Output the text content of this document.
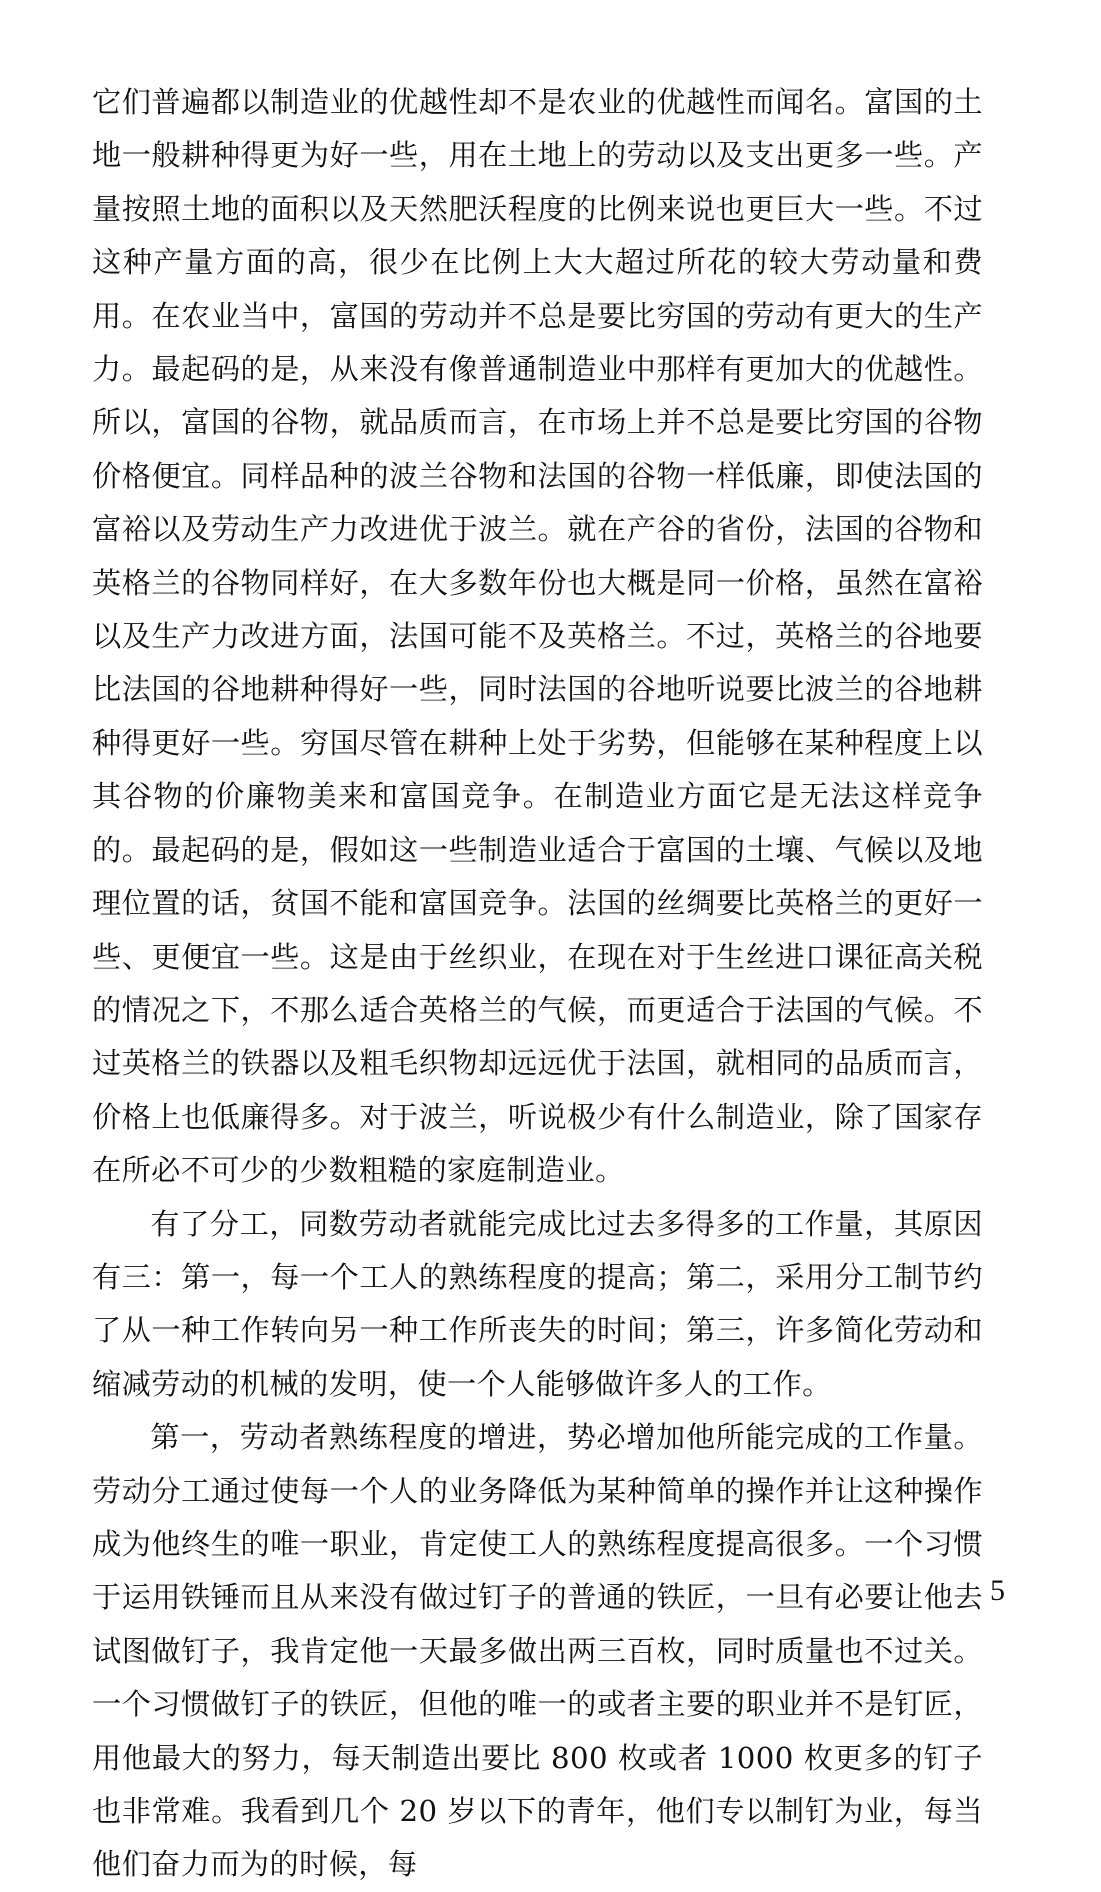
它们普遍都以制造业的优越性却不是农业的优越性而闻名。富国的土地一般耕种得更为好一些，用在土地上的劳动以及支出更多一些。产量按照土地的面积以及天然肥沃程度的比例来说也更巨大一些。不过这种产量方面的高，很少在比例上大大超过所花的较大劳动量和费用。在农业当中，富国的劳动并不总是要比穷国的劳动有更大的生产力。最起码的是，从来没有像普通制造业中那样有更加大的优越性。所以，富国的谷物，就品质而言，在市场上并不总是要比穷国的谷物价格便宜。同样品种的波兰谷物和法国的谷物一样低廉，即使法国的富裕以及劳动生产力改进优于波兰。就在产谷的省份，法国的谷物和英格兰的谷物同样好，在大多数年份也大概是同一价格，虽然在富裕以及生产力改进方面，法国可能不及英格兰。不过，英格兰的谷地要比法国的谷地耕种得好一些，同时法国的谷地听说要比波兰的谷地耕种得更好一些。穷国尽管在耕种上处于劣势，但能够在某种程度上以其谷物的价廉物美来和富国竞争。在制造业方面它是无法这样竞争的。最起码的是，假如这一些制造业适合于富国的土壤、气候以及地理位置的话，贫国不能和富国竞争。法国的丝绸要比英格兰的更好一些、更便宜一些。这是由于丝织业，在现在对于生丝进口课征高关税的情况之下，不那么适合英格兰的气候，而更适合于法国的气候。不过英格兰的铁器以及粗毛织物却远远优于法国，就相同的品质而言，价格上也低廉得多。对于波兰，听说极少有什么制造业，除了国家存在所必不可少的少数粗糙的家庭制造业。

有了分工，同数劳动者就能完成比过去多得多的工作量，其原因有三：第一，每一个工人的熟练程度的提高；第二，采用分工制节约了从一种工作转向另一种工作所丧失的时间；第三，许多简化劳动和缩减劳动的机械的发明，使一个人能够做许多人的工作。

第一，劳动者熟练程度的增进，势必增加他所能完成的工作量。劳动分工通过使每一个人的业务降低为某种简单的操作并让这种操作成为他终生的唯一职业，肯定使工人的熟练程度提高很多。一个习惯于运用铁锤而且从来没有做过钉子的普通的铁匠，一旦有必要让他去试图做钉子，我肯定他一天最多做出两三百枚，同时质量也不过关。一个习惯做钉子的铁匠，但他的唯一的或者主要的职业并不是钉匠，用他最大的努力，每天制造出要比 800 枚或者 1000 枚更多的钉子也非常难。我看到几个 20 岁以下的青年，他们专以制钉为业，每当他们奋力而为的时候，每

5
